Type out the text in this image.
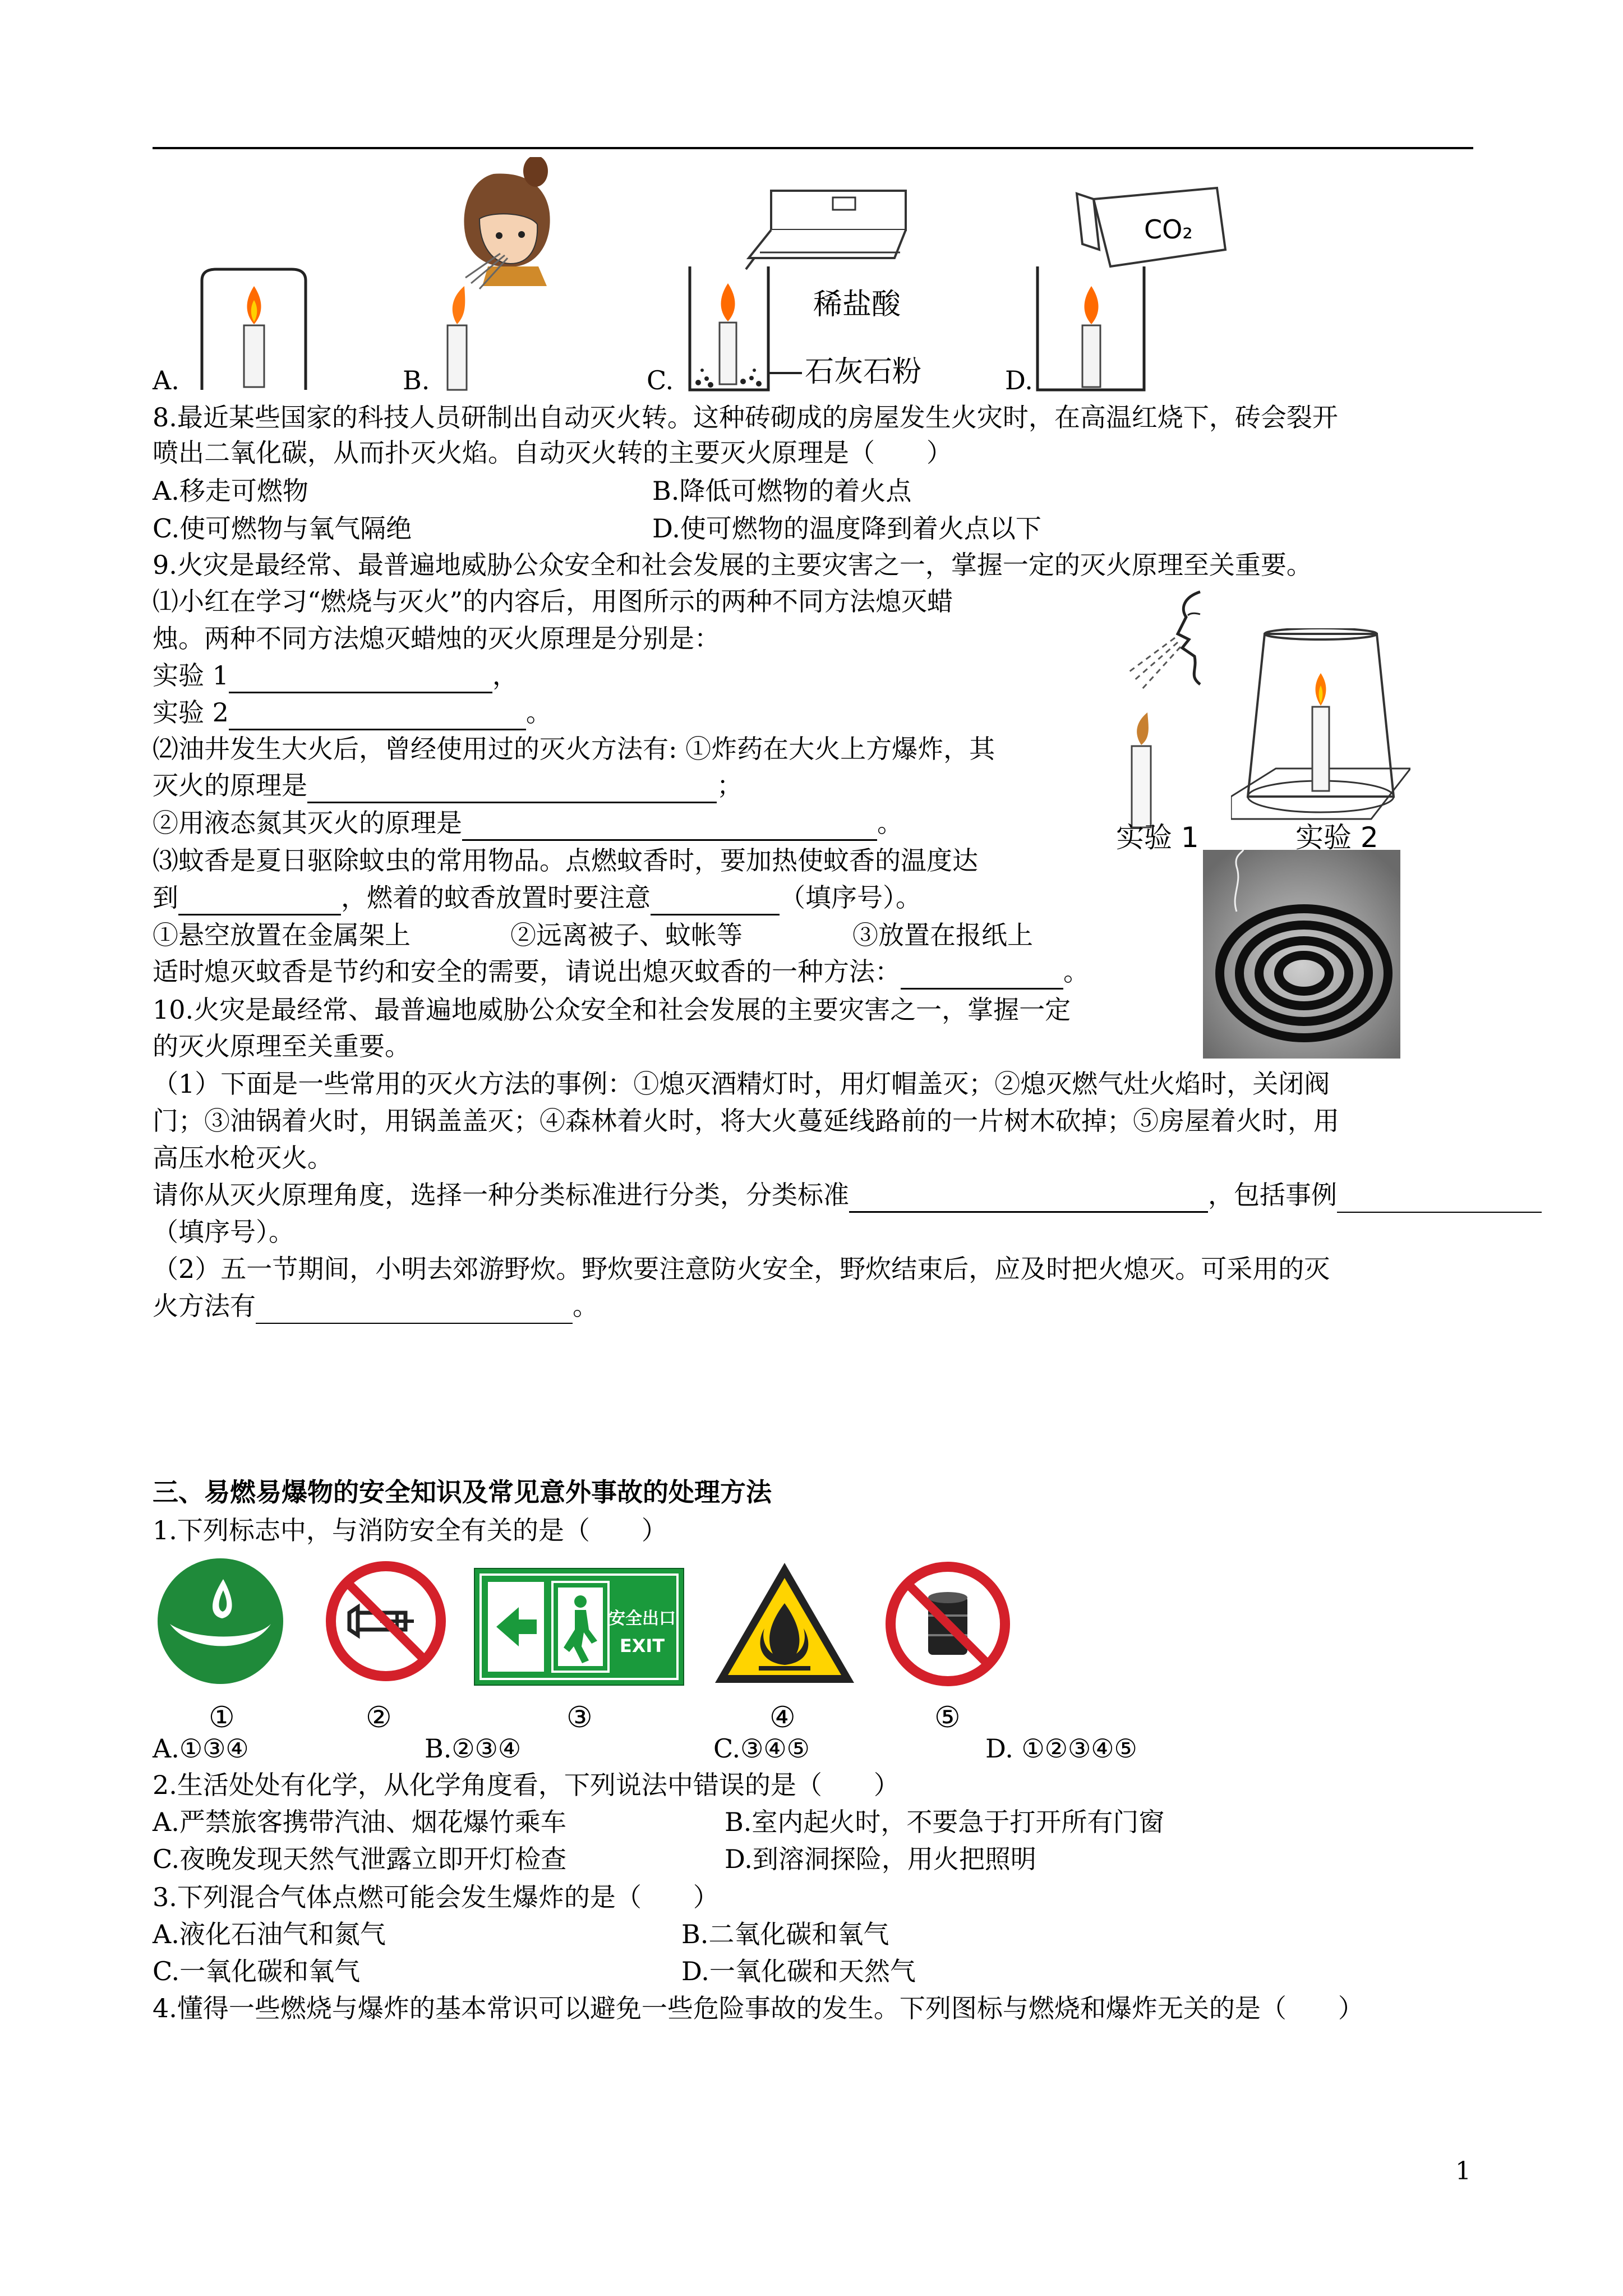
A.	B.	C.	D.
稀盐酸
石灰石粉
CO₂
8.最近某些国家的科技人员研制出自动灭火转。这种砖砌成的房屋发生火灾时，在高温红烧下，砖会裂开
喷出二氧化碳，从而扑灭火焰。自动灭火转的主要灭火原理是（　　）
A.移走可燃物	B.降低可燃物的着火点
C.使可燃物与氧气隔绝	D.使可燃物的温度降到着火点以下
9.火灾是最经常、最普遍地威胁公众安全和社会发展的主要灾害之一，掌握一定的灭火原理至关重要。
⑴小红在学习“燃烧与灭火”的内容后，用图所示的两种不同方法熄灭蜡
烛。两种不同方法熄灭蜡烛的灭火原理是分别是：
实验 1	，
实验 2	。
⑵油井发生大火后，曾经使用过的灭火方法有: ①炸药在大火上方爆炸，其
灭火的原理是	；
②用液态氮其灭火的原理是	。
⑶蚊香是夏日驱除蚊虫的常用物品。点燃蚊香时，要加热使蚊香的温度达
到	，燃着的蚊香放置时要注意	（填序号）。
①悬空放置在金属架上	②远离被子、蚊帐等	③放置在报纸上
适时熄灭蚊香是节约和安全的需要，请说出熄灭蚊香的一种方法：	。
实验 1	实验 2
10.火灾是最经常、最普遍地威胁公众安全和社会发展的主要灾害之一，掌握一定
的灭火原理至关重要。
（1）下面是一些常用的灭火方法的事例：①熄灭酒精灯时，用灯帽盖灭；②熄灭燃气灶火焰时，关闭阀
门；③油锅着火时，用锅盖盖灭；④森林着火时，将大火蔓延线路前的一片树木砍掉；⑤房屋着火时，用
高压水枪灭火。
请你从灭火原理角度，选择一种分类标准进行分类，分类标准	，包括事例
（填序号）。
（2）五一节期间，小明去郊游野炊。野炊要注意防火安全，野炊结束后，应及时把火熄灭。可采用的灭
火方法有	。
三、易燃易爆物的安全知识及常见意外事故的处理方法
1.下列标志中，与消防安全有关的是（　　）
安全出口
EXIT
①	②	③	④	⑤
A.①③④	B.②③④	C.③④⑤	D. ①②③④⑤
2.生活处处有化学，从化学角度看，下列说法中错误的是（　　）
A.严禁旅客携带汽油、烟花爆竹乘车	B.室内起火时，不要急于打开所有门窗
C.夜晚发现天然气泄露立即开灯检查	D.到溶洞探险，用火把照明
3.下列混合气体点燃可能会发生爆炸的是（　　）
A.液化石油气和氮气	B.二氧化碳和氧气
C.一氧化碳和氧气	D.一氧化碳和天然气
4.懂得一些燃烧与爆炸的基本常识可以避免一些危险事故的发生。下列图标与燃烧和爆炸无关的是（　　）
1
